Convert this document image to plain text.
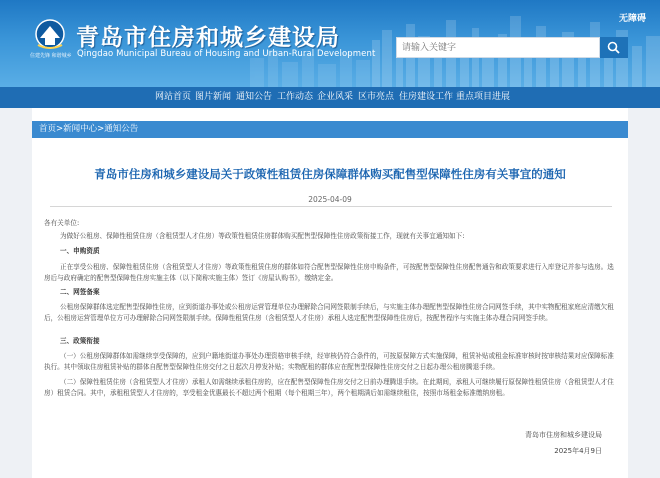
无障碍
住建先锋 和谐城乡
青岛市住房和城乡建设局
Qingdao Municipal Bureau of Housing and Urban-Rural Development
请输入关键字
网站首页 图片新闻 通知公告 工作动态 企业风采 区市亮点 住房建设工作 重点项目进展
首页>新闻中心>通知公告
青岛市住房和城乡建设局关于政策性租赁住房保障群体购买配售型保障性住房有关事宜的通知
2025-04-09
各有关单位:
为做好公租房、保障性租赁住房（含租赁型人才住房）等政策性租赁住房群体购买配售型保障性住房政策衔接工作，现就有关事宜通知如下:
一、申购资质
正在享受公租房、保障性租赁住房（含租赁型人才住房）等政策性租赁住房的群体如符合配售型保障性住房申购条件，可按配售型保障性住房配售通告和政策要求进行入库登记并参与选房。选房后与政府确定的配售型保障性住房实施主体（以下简称实施主体）签订《房屋认购书》，缴纳定金。
二、网签备案
公租房保障群体选定配售型保障性住房，应到街道办事处或公租房运营管理单位办理解除合同网签限制手续后，与实施主体办理配售型保障性住房合同网签手续，其中实物配租家庭应清缴欠租后，公租房运营管理单位方可办理解除合同网签限制手续。保障性租赁住房（含租赁型人才住房）承租人选定配售型保障性住房后，按配售程序与实施主体办理合同网签手续。
三、政策衔接
（一）公租房保障群体如需继续享受保障的，应到户籍地街道办事处办理资格审核手续，经审核仍符合条件的，可按原保障方式实施保障，租赁补贴或租金标准审核时按审核结果对应保障标准执行。其中领取住房租赁补贴的群体自配售型保障性住房交付之日起次月停发补贴；实物配租的群体应在配售型保障性住房交付之日起办理公租房腾退手续。
（二）保障性租赁住房（含租赁型人才住房）承租人如需继续承租住房的，应在配售型保障性住房交付之日前办理腾退手续。在此期间，承租人可继续履行原保障性租赁住房（含租赁型人才住房）租赁合同。其中，承租租赁型人才住房的，享受租金优惠最长不超过两个租期（每个租期三年），两个租期满后如需继续租住，按照市场租金标准缴纳房租。
青岛市住房和城乡建设局
2025年4月9日
